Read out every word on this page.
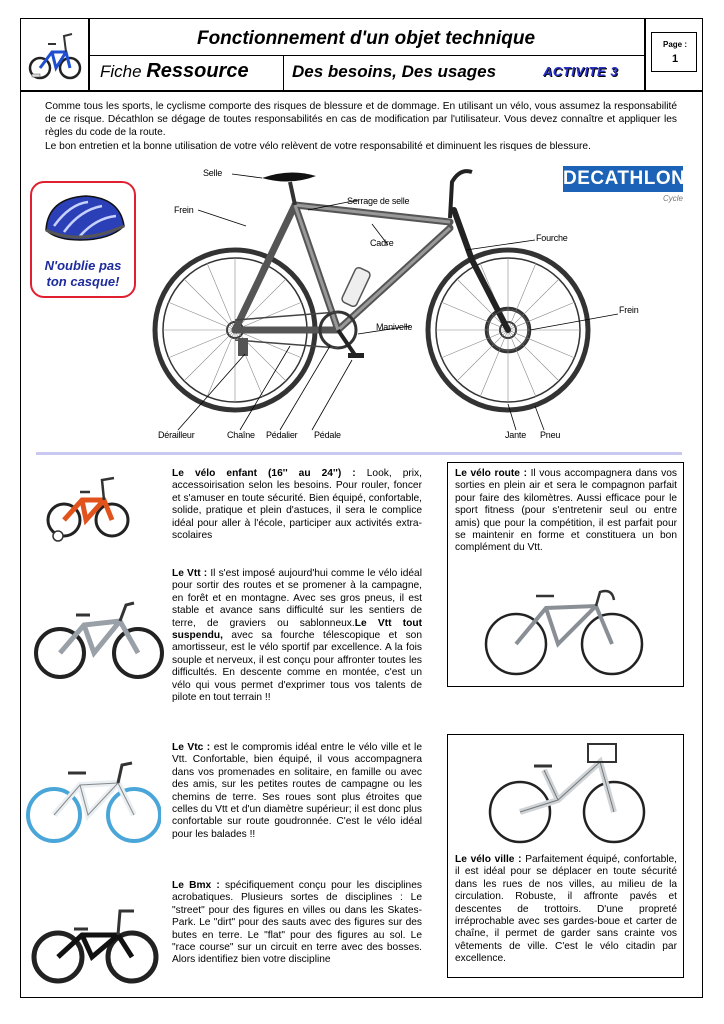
Fonctionnement d'un objet technique
Fiche Ressource	Des besoins, Des usages	ACTIVITE 3
Page :
1

Comme tous les sports, le cyclisme comporte des risques de blessure et de dommage. En utilisant un vélo, vous assumez la responsabilité de ce risque. Décathlon se dégage de toutes responsabilités en cas de modification par l'utilisateur. Vous devez connaître et appliquer les règles du code de la route.

Le bon entretien et la bonne utilisation de votre vélo relèvent de votre responsabilité et diminuent les risques de blessure.

N'oublie pas
ton casque!
DECATHLON
Cycle
Selle
Frein
Serrage de selle
Cadre	Fourche
Frein
Manivelle
Dérailleur	Chaîne Pédalier Pédale	Jante Pneu
Le vélo enfant (16'' au 24'') : Look, prix, accessoirisation selon les besoins. Pour rouler, foncer et s'amuser en toute sécurité. Bien équipé, confortable, solide, pratique et plein d'astuces, il sera le complice idéal pour aller à l'école, participer aux activités extra-scolaires
Le Vtt : Il s'est imposé aujourd'hui comme le vélo idéal pour sortir des routes et se promener à la campagne, en forêt et en montagne. Avec ses gros pneus, il est stable et avance sans difficulté sur les sentiers de terre, de graviers ou sablonneux.Le Vtt tout suspendu, avec sa fourche télescopique et son amortisseur, est le vélo sportif par excellence. A la fois souple et nerveux, il est conçu pour affronter toutes les difficultés. En descente comme en montée, c'est un vélo qui vous permet d'exprimer tous vos talents de pilote en tout terrain !!
Le Vtc : est le compromis idéal entre le vélo ville et le Vtt. Confortable, bien équipé, il vous accompagnera dans vos promenades en solitaire, en famille ou avec des amis, sur les petites routes de campagne ou les chemins de terre. Ses roues sont plus étroites que celles du Vtt et d'un diamètre supérieur; il est donc plus confortable sur route goudronnée. C'est le vélo idéal pour les balades !!
Le Bmx : spécifiquement conçu pour les disciplines acrobatiques. Plusieurs sortes de disciplines : Le "street" pour des figures en villes ou dans les Skates-Park. Le "dirt" pour des sauts avec des figures sur des butes en terre. Le "flat" pour des figures au sol. Le "race course" sur un circuit en terre avec des bosses. Alors identifiez bien votre discipline
Le vélo route : Il vous accompagnera dans vos sorties en plein air et sera le compagnon parfait pour faire des kilomètres. Aussi efficace pour le sport fitness (pour s'entretenir seul ou entre amis) que pour la compétition, il est parfait pour se maintenir en forme et constituera un bon complément du Vtt.
Le vélo ville : Parfaitement équipé, confortable, il est idéal pour se déplacer en toute sécurité dans les rues de nos villes, au milieu de la circulation. Robuste, il affronte pavés et descentes de trottoirs. D'une propreté irréprochable avec ses gardes-boue et carter de chaîne, il permet de garder sans crainte vos vêtements de ville. C'est le vélo citadin par excellence.
